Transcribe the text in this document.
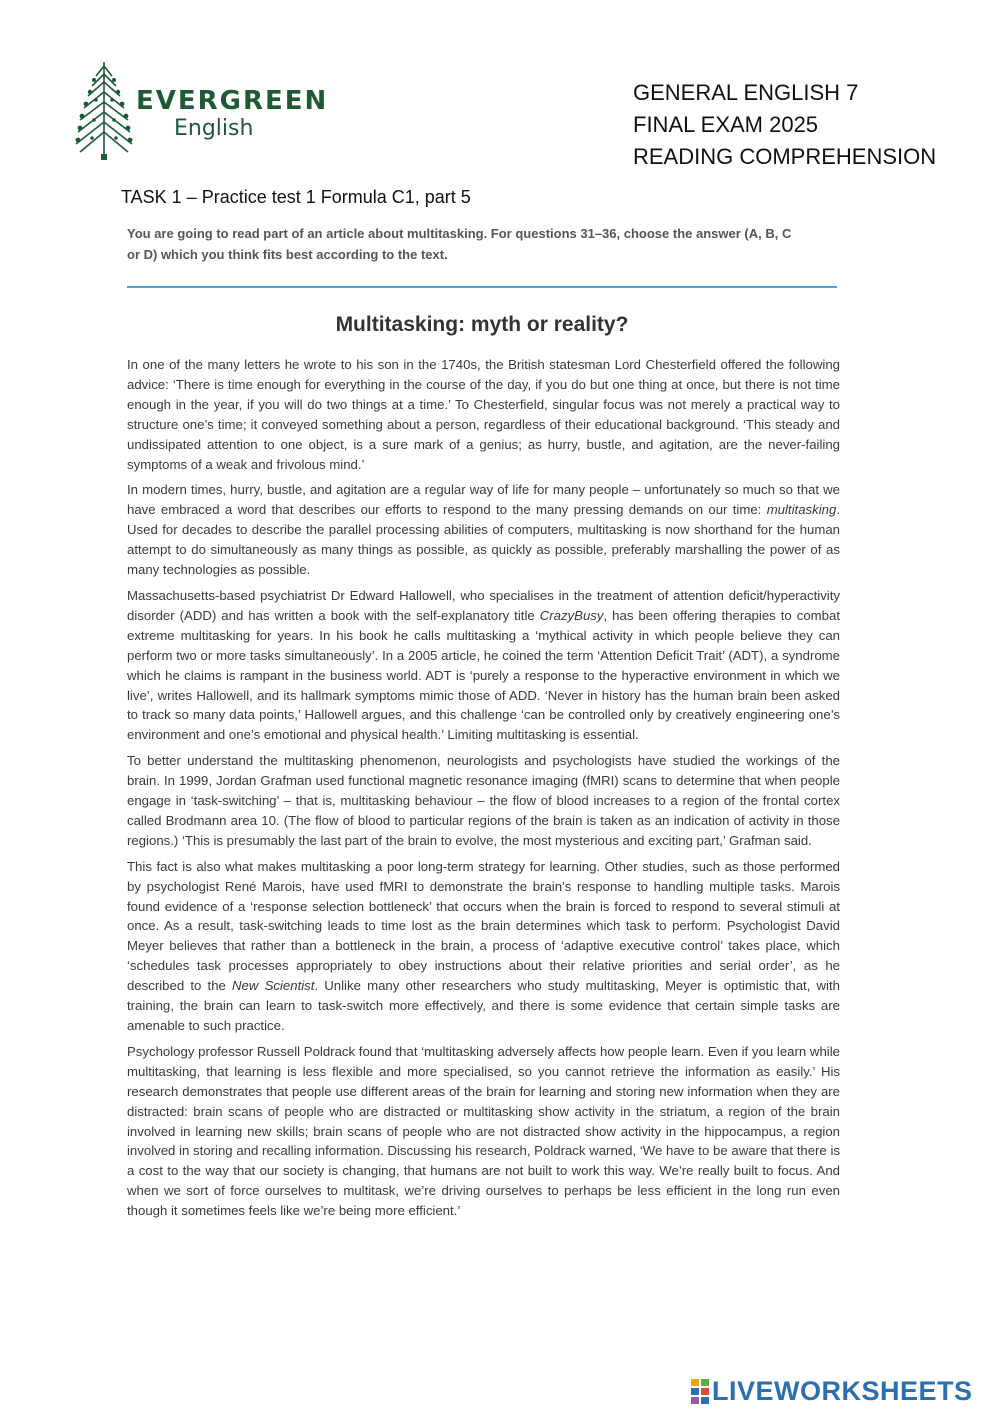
EVERGREEN
English
GENERAL ENGLISH 7
FINAL EXAM 2025
READING COMPREHENSION
TASK 1 – Practice test 1 Formula C1, part 5
You are going to read part of an article about multitasking. For questions 31–36, choose the answer (A, B, C or D) which you think fits best according to the text.
Multitasking: myth or reality?

In one of the many letters he wrote to his son in the 1740s, the British statesman Lord Chesterfield offered the following advice: ‘There is time enough for everything in the course of the day, if you do but one thing at once, but there is not time enough in the year, if you will do two things at a time.’ To Chesterfield, singular focus was not merely a practical way to structure one’s time; it conveyed something about a person, regardless of their educational background. ‘This steady and undissipated attention to one object, is a sure mark of a genius; as hurry, bustle, and agitation, are the never-failing symptoms of a weak and frivolous mind.’

In modern times, hurry, bustle, and agitation are a regular way of life for many people – unfortunately so much so that we have embraced a word that describes our efforts to respond to the many pressing demands on our time: multitasking. Used for decades to describe the parallel processing abilities of computers, multitasking is now shorthand for the human attempt to do simultaneously as many things as possible, as quickly as possible, preferably marshalling the power of as many technologies as possible.

Massachusetts-based psychiatrist Dr Edward Hallowell, who specialises in the treatment of attention deficit/hyperactivity disorder (ADD) and has written a book with the self-explanatory title CrazyBusy, has been offering therapies to combat extreme multitasking for years. In his book he calls multitasking a ‘mythical activity in which people believe they can perform two or more tasks simultaneously’. In a 2005 article, he coined the term ‘Attention Deficit Trait’ (ADT), a syndrome which he claims is rampant in the business world. ADT is ‘purely a response to the hyperactive environment in which we live’, writes Hallowell, and its hallmark symptoms mimic those of ADD. ‘Never in history has the human brain been asked to track so many data points,’ Hallowell argues, and this challenge ‘can be controlled only by creatively engineering one’s environment and one’s emotional and physical health.’ Limiting multitasking is essential.

To better understand the multitasking phenomenon, neurologists and psychologists have studied the workings of the brain. In 1999, Jordan Grafman used functional magnetic resonance imaging (fMRI) scans to determine that when people engage in ‘task-switching’ – that is, multitasking behaviour – the flow of blood increases to a region of the frontal cortex called Brodmann area 10. (The flow of blood to particular regions of the brain is taken as an indication of activity in those regions.) ‘This is presumably the last part of the brain to evolve, the most mysterious and exciting part,’ Grafman said.

This fact is also what makes multitasking a poor long-term strategy for learning. Other studies, such as those performed by psychologist René Marois, have used fMRI to demonstrate the brain’s response to handling multiple tasks. Marois found evidence of a ‘response selection bottleneck’ that occurs when the brain is forced to respond to several stimuli at once. As a result, task-switching leads to time lost as the brain determines which task to perform. Psychologist David Meyer believes that rather than a bottleneck in the brain, a process of ‘adaptive executive control’ takes place, which ‘schedules task processes appropriately to obey instructions about their relative priorities and serial order’, as he described to the New Scientist. Unlike many other researchers who study multitasking, Meyer is optimistic that, with training, the brain can learn to task-switch more effectively, and there is some evidence that certain simple tasks are amenable to such practice.

Psychology professor Russell Poldrack found that ‘multitasking adversely affects how people learn. Even if you learn while multitasking, that learning is less flexible and more specialised, so you cannot retrieve the information as easily.’ His research demonstrates that people use different areas of the brain for learning and storing new information when they are distracted: brain scans of people who are distracted or multitasking show activity in the striatum, a region of the brain involved in learning new skills; brain scans of people who are not distracted show activity in the hippocampus, a region involved in storing and recalling information. Discussing his research, Poldrack warned, ‘We have to be aware that there is a cost to the way that our society is changing, that humans are not built to work this way. We’re really built to focus. And when we sort of force ourselves to multitask, we’re driving ourselves to perhaps be less efficient in the long run even though it sometimes feels like we’re being more efficient.’

LIVEWORKSHEETS
